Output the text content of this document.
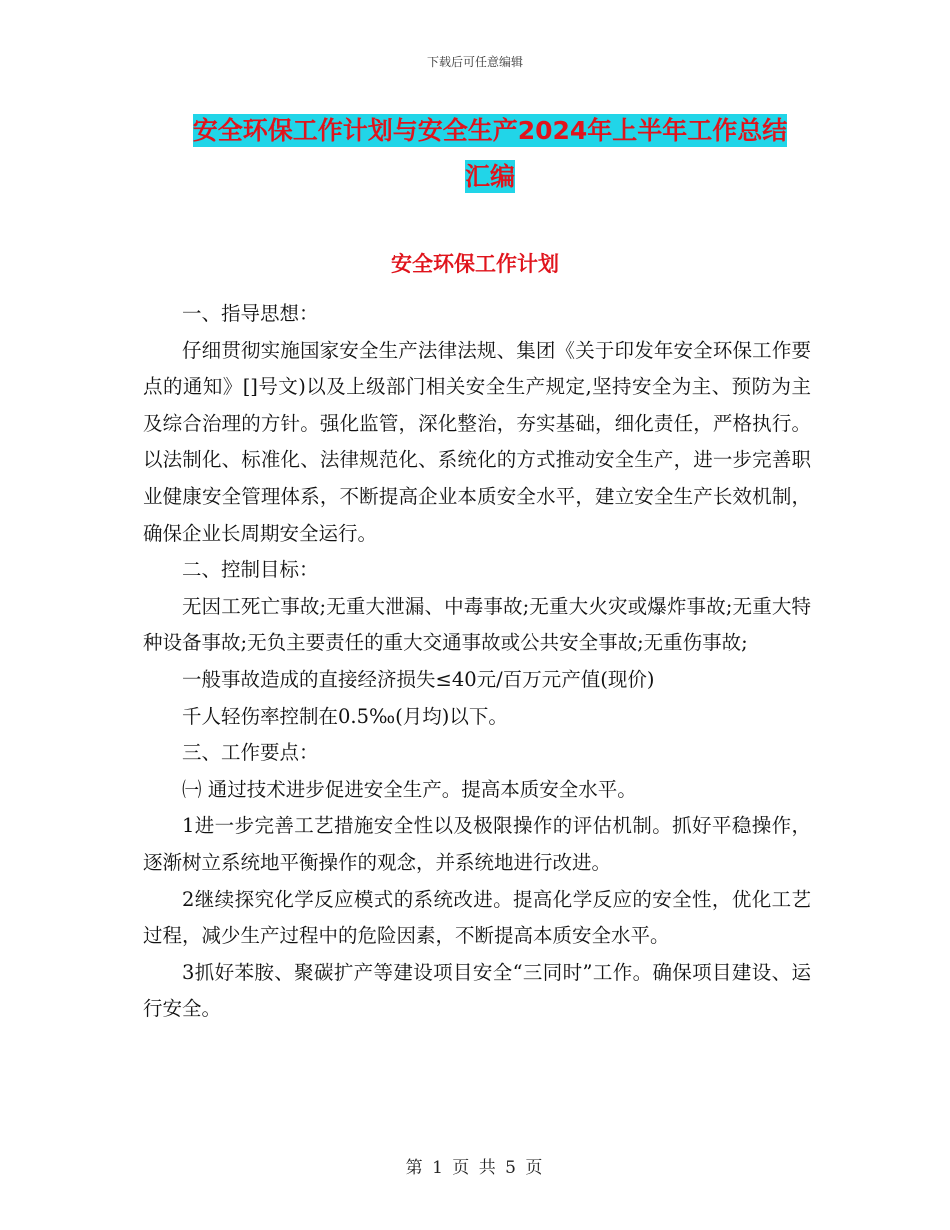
下载后可任意编辑
安全环保工作计划与安全生产2024年上半年工作总结
汇编
安全环保工作计划

一、指导思想：

仔细贯彻实施国家安全生产法律法规、集团《关于印发年安全环保工作要点的通知》[]号文)以及上级部门相关安全生产规定,坚持安全为主、预防为主及综合治理的方针。强化监管，深化整治，夯实基础，细化责任，严格执行。以法制化、标准化、法律规范化、系统化的方式推动安全生产，进一步完善职业健康安全管理体系，不断提高企业本质安全水平，建立安全生产长效机制，确保企业长周期安全运行。

二、控制目标：

无因工死亡事故;无重大泄漏、中毒事故;无重大火灾或爆炸事故;无重大特种设备事故;无负主要责任的重大交通事故或公共安全事故;无重伤事故;

一般事故造成的直接经济损失≤40元/百万元产值(现价)

千人轻伤率控制在0.5‰(月均)以下。

三、工作要点：

㈠ 通过技术进步促进安全生产。提高本质安全水平。

1进一步完善工艺措施安全性以及极限操作的评估机制。抓好平稳操作，逐渐树立系统地平衡操作的观念，并系统地进行改进。

2继续探究化学反应模式的系统改进。提高化学反应的安全性，优化工艺过程，减少生产过程中的危险因素，不断提高本质安全水平。

3抓好苯胺、聚碳扩产等建设项目安全“三同时”工作。确保项目建设、运行安全。

第 1 页 共 5 页
